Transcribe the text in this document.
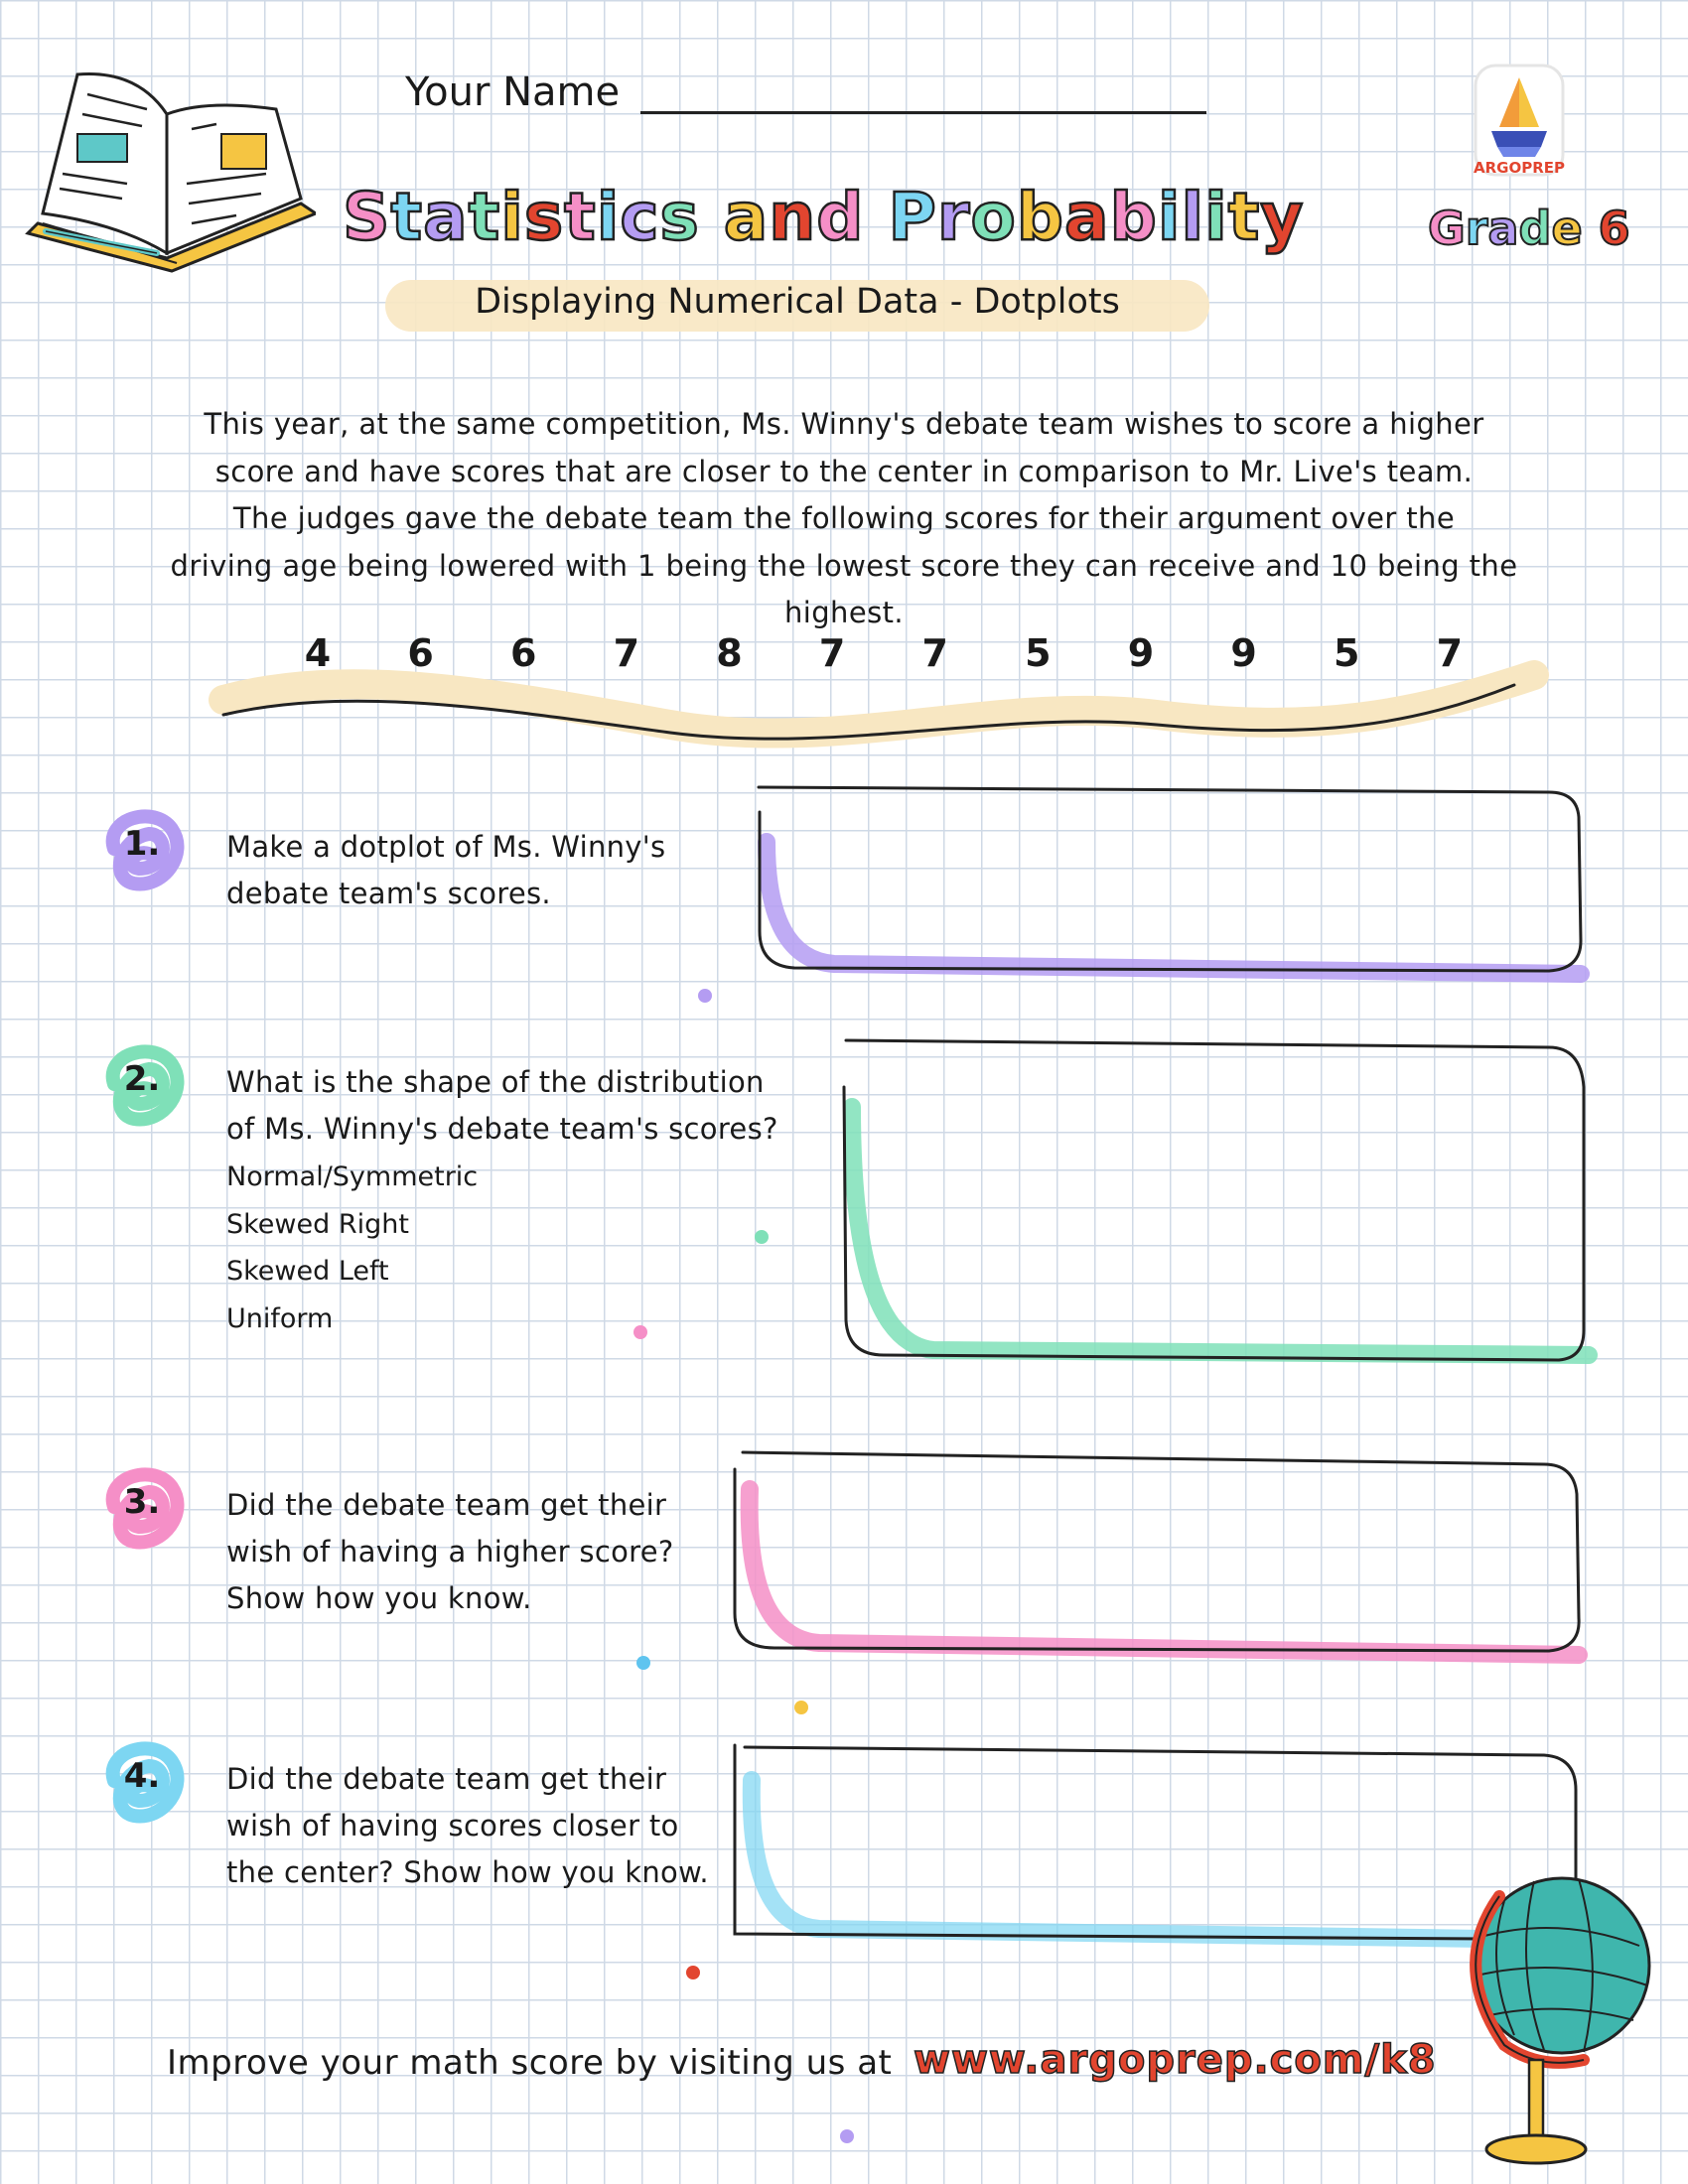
Your Name
ARGOPREP
Statistics and Probability	Grade 6
Displaying Numerical Data - Dotplots
This year, at the same competition, Ms. Winny's debate team wishes to score a higher
score and have scores that are closer to the center in comparison to Mr. Live's team.
The judges gave the debate team the following scores for their argument over the
driving age being lowered with 1 being the lowest score they can receive and 10 being the highest.
4 6 6 7 8 7 7 5 9 9 5 7
1.	Make a dotplot of Ms. Winny's
debate team's scores.
2.	What is the shape of the distribution
of Ms. Winny's debate team's scores?
Normal/Symmetric
Skewed Right
Skewed Left
Uniform
3.	Did the debate team get their
wish of having a higher score?
Show how you know.
4.	Did the debate team get their
wish of having scores closer to
the center? Show how you know.
Improve your math score by visiting us at www.argoprep.com/k8
